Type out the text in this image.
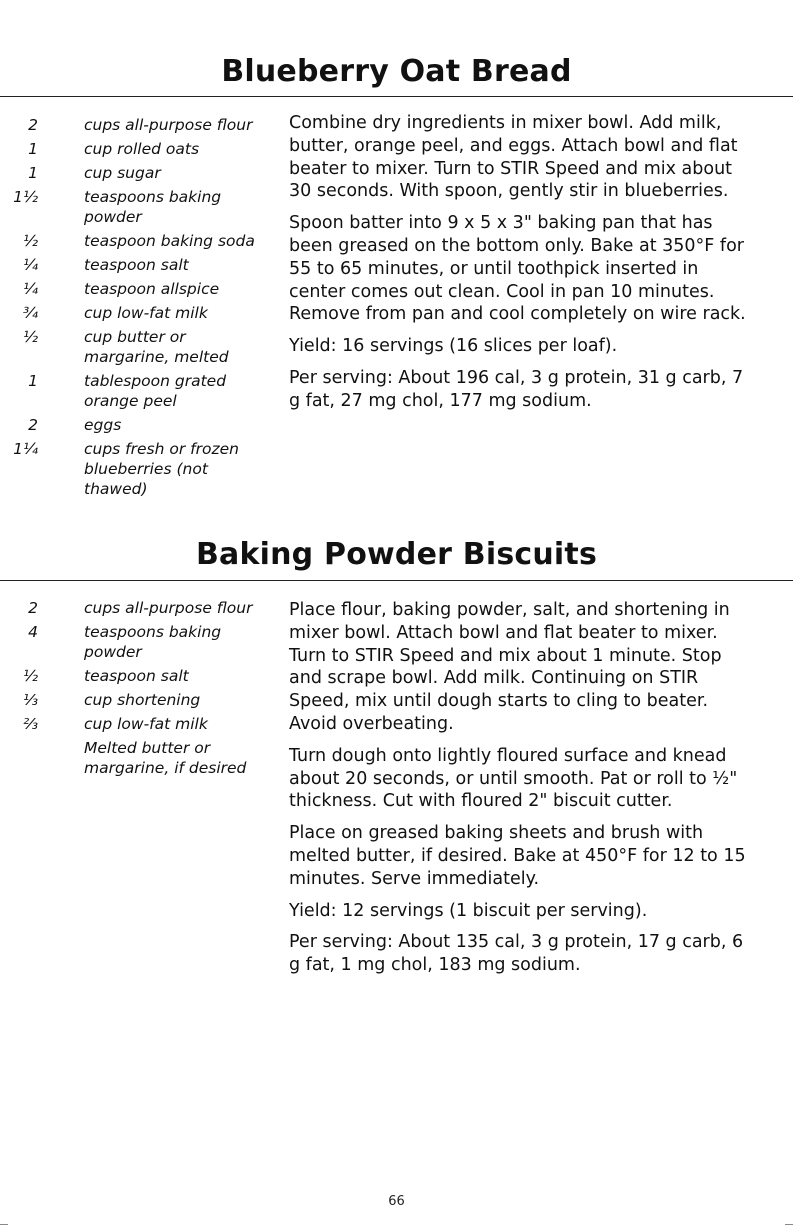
Blueberry Oat Bread
2	cups all-purpose flour
1	cup rolled oats
1	cup sugar
1½	teaspoons baking powder
½	teaspoon baking soda
¼	teaspoon salt
¼	teaspoon allspice
¾	cup low-fat milk
½	cup butter or margarine, melted
1	tablespoon grated orange peel
2	eggs
1¼	cups fresh or frozen blueberries (not thawed)

Combine dry ingredients in mixer bowl. Add milk, butter, orange peel, and eggs. Attach bowl and flat beater to mixer. Turn to STIR Speed and mix about 30 seconds. With spoon, gently stir in blueberries.

Spoon batter into 9 x 5 x 3" baking pan that has been greased on the bottom only. Bake at 350°F for 55 to 65 minutes, or until toothpick inserted in center comes out clean. Cool in pan 10 minutes. Remove from pan and cool completely on wire rack.

Yield: 16 servings (16 slices per loaf).

Per serving: About 196 cal, 3 g protein, 31 g carb, 7 g fat, 27 mg chol, 177 mg sodium.

Baking Powder Biscuits
2	cups all-purpose flour
4	teaspoons baking powder
½	teaspoon salt
⅓	cup shortening
⅔	cup low-fat milk
Melted butter or margarine, if desired

Place flour, baking powder, salt, and shortening in mixer bowl. Attach bowl and flat beater to mixer. Turn to STIR Speed and mix about 1 minute. Stop and scrape bowl. Add milk. Continuing on STIR Speed, mix until dough starts to cling to beater. Avoid overbeating.

Turn dough onto lightly floured surface and knead about 20 seconds, or until smooth. Pat or roll to ½" thickness. Cut with floured 2" biscuit cutter.

Place on greased baking sheets and brush with melted butter, if desired. Bake at 450°F for 12 to 15 minutes. Serve immediately.

Yield: 12 servings (1 biscuit per serving).

Per serving: About 135 cal, 3 g protein, 17 g carb, 6 g fat, 1 mg chol, 183 mg sodium.

66
